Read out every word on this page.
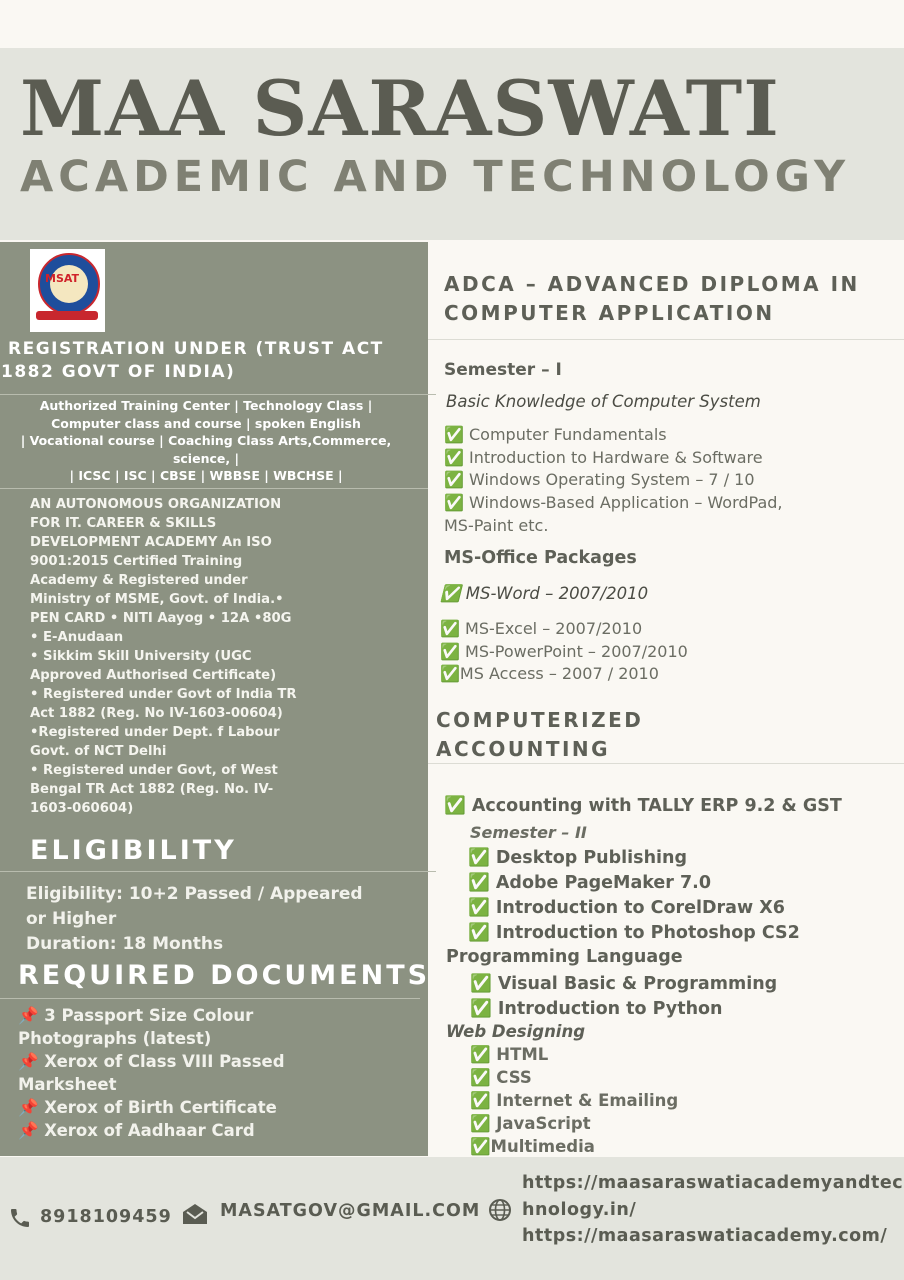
MAA SARASWATI
ACADEMIC AND TECHNOLOGY
MSAT
REGISTRATION UNDER (TRUST ACT
1882 GOVT OF INDIA)
Authorized Training Center | Technology Class |
Computer class and course | spoken English
| Vocational course | Coaching Class Arts,Commerce,
science, |
| ICSC | ISC | CBSE | WBBSE | WBCHSE |
AN AUTONOMOUS ORGANIZATION
FOR IT. CAREER & SKILLS
DEVELOPMENT ACADEMY An ISO
9001:2015 Certified Training
Academy & Registered under
Ministry of MSME, Govt. of India.•
PEN CARD • NITI Aayog • 12A •80G
• E-Anudaan
• Sikkim Skill University (UGC
Approved Authorised Certificate)
• Registered under Govt of India TR
Act 1882 (Reg. No IV-1603-00604)
•Registered under Dept. f Labour
Govt. of NCT Delhi
• Registered under Govt, of West
Bengal TR Act 1882 (Reg. No. IV-
1603-060604)
ELIGIBILITY
Eligibility: 10+2 Passed / Appeared
or Higher
Duration: 18 Months
REQUIRED DOCUMENTS
📌 3 Passport Size Colour
Photographs (latest)
📌 Xerox of Class VIII Passed
Marksheet
📌 Xerox of Birth Certificate
📌 Xerox of Aadhaar Card
ADCA – ADVANCED DIPLOMA IN
COMPUTER APPLICATION
Semester – I
Basic Knowledge of Computer System
✅ Computer Fundamentals
✅ Introduction to Hardware & Software
✅ Windows Operating System – 7 / 10
✅ Windows-Based Application – WordPad,
MS-Paint etc.
MS-Office Packages
✅ MS-Word – 2007/2010
✅ MS-Excel – 2007/2010
✅ MS-PowerPoint – 2007/2010
✅MS Access – 2007 / 2010
COMPUTERIZED
ACCOUNTING
✅ Accounting with TALLY ERP 9.2 & GST
Semester – II
✅ Desktop Publishing
✅ Adobe PageMaker 7.0
✅ Introduction to CorelDraw X6
✅ Introduction to Photoshop CS2
Programming Language
✅ Visual Basic & Programming
✅ Introduction to Python
Web Designing
✅ HTML
✅ CSS
✅ Internet & Emailing
✅ JavaScript
✅Multimedia
8918109459	MASATGOV@GMAIL.COM
https://maasaraswatiacademyandtec
hnology.in/
https://maasaraswatiacademy.com/
